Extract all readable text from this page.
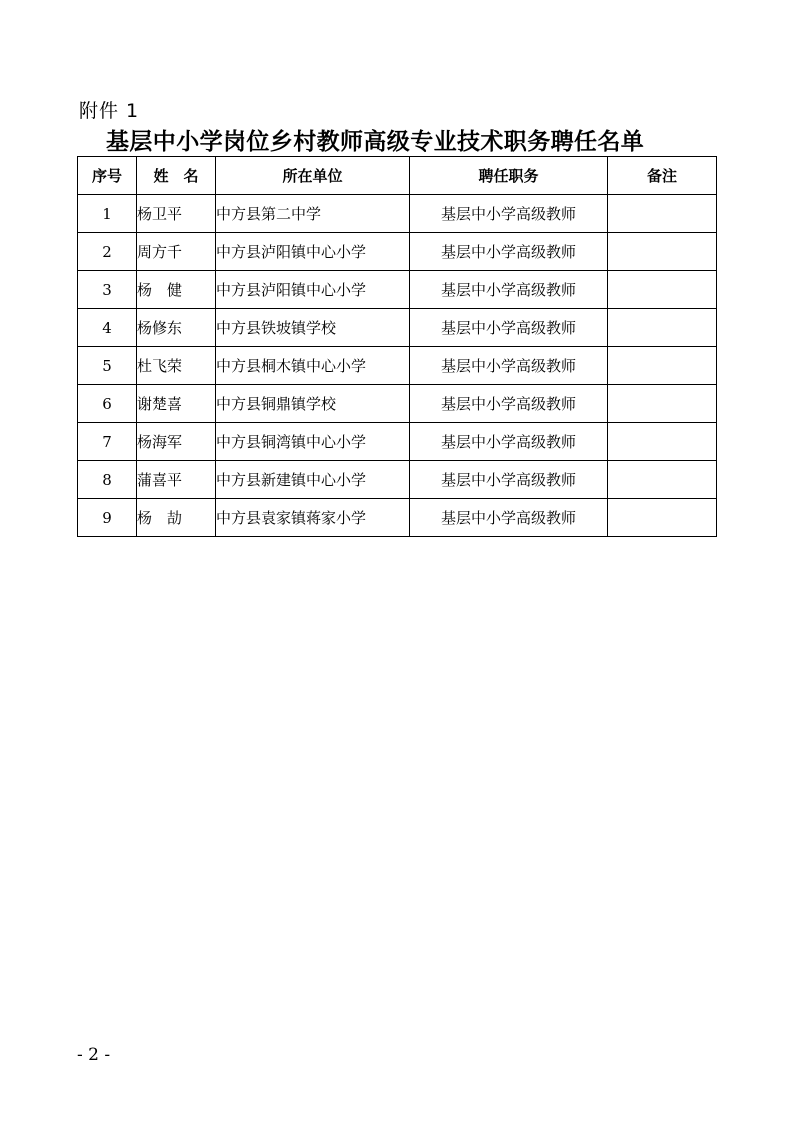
附件 1
基层中小学岗位乡村教师高级专业技术职务聘任名单
序号	姓　名	所在单位	聘任职务	备注
1	杨卫平	中方县第二中学	基层中小学高级教师	
2	周方千	中方县泸阳镇中心小学	基层中小学高级教师	
3	杨　健	中方县泸阳镇中心小学	基层中小学高级教师	
4	杨修东	中方县铁坡镇学校	基层中小学高级教师	
5	杜飞荣	中方县桐木镇中心小学	基层中小学高级教师	
6	谢楚喜	中方县铜鼎镇学校	基层中小学高级教师	
7	杨海军	中方县铜湾镇中心小学	基层中小学高级教师	
8	蒲喜平	中方县新建镇中心小学	基层中小学高级教师	
9	杨　劼	中方县袁家镇蒋家小学	基层中小学高级教师	
- 2 -
